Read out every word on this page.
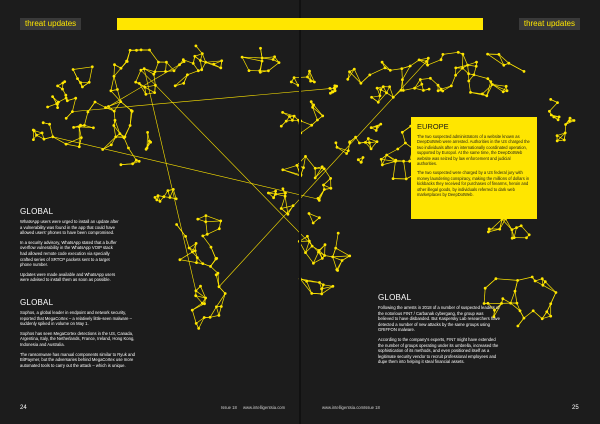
threat updates	threat updates
GLOBAL

WhatsApp users were urged to install an update after a vulnerability was found in the app that could have allowed users' phones to have been compromised.

In a security advisory, WhatsApp stated that a buffer overflow vulnerability in the WhatsApp VOIP stack had allowed remote code execution via specially crafted series of SRTCP packets sent to a target phone number.

Updates were made available and WhatsApp users were advised to install them as soon as possible.

GLOBAL

Sophos, a global leader in endpoint and network security, reported that MegaCortex – a relatively little-seen malware – suddenly spiked in volume on May 1.

Sophos has seen MegaCortex detections in the US, Canada, Argentina, Italy, the Netherlands, France, Ireland, Hong Kong, Indonesia and Australia.

The ransomware has manual components similar to Ryuk and BitPaymer, but the adversaries behind MegaCortex use more automated tools to carry out the attack – which is unique.

EUROPE

The two suspected administrators of a website known as DeepDotWeb were arrested. Authorities in the US charged the two individuals after an internationally coordinated operation, supported by Europol. At the same time, the DeepDotWeb website was seized by law enforcement and judicial authorities.

The two suspected were charged by a US federal jury with money laundering conspiracy, making the millions of dollars in kickbacks they received for purchases of firearms, heroin and other illegal goods, by individuals referred to dark web marketplaces by DeepDotWeb.

GLOBAL

Following the arrests in 2018 of a number of suspected leaders of the notorious FIN7 / Carbanak cybergang, the group was believed to have disbanded. But Kaspersky Lab researchers have detected a number of new attacks by the same groups using GRIFFON malware.

According to the company's experts, FIN7 might have extended the number of groups operating under its umbrella, increased the sophistication of its methods, and even positioned itself as a legitimate security vendor to recruit professional employees and dupe them into helping it steal financial assets.

24	Issue 18 www.intelligentsia.com	www.intelligentsia.com Issue 18	25
